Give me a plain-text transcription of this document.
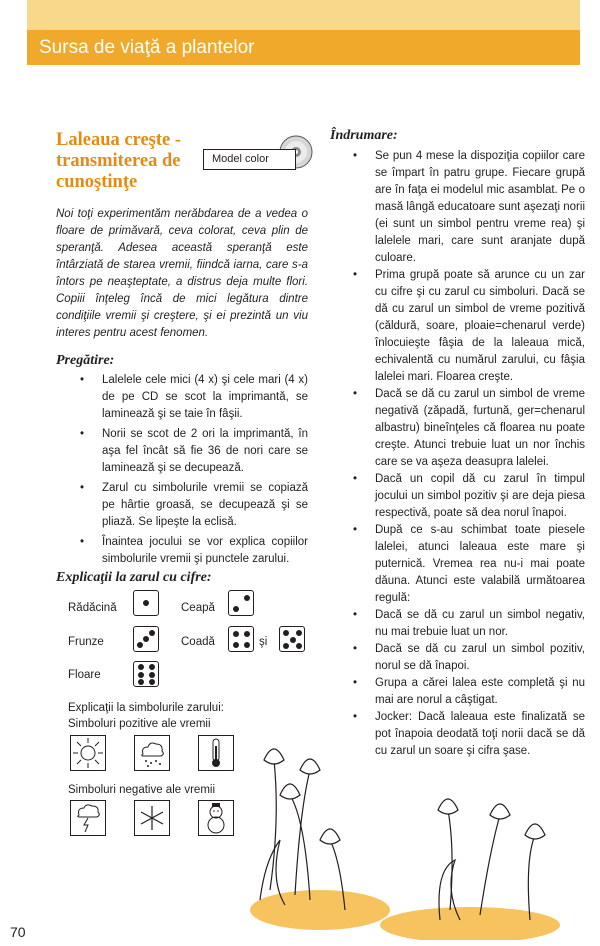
Sursa de viaţă a plantelor
Laleaua creşte - transmiterea de cunoştinţe
Model color

Noi toţi experimentăm nerăbdarea de a vedea o floare de primăvară, ceva colorat, ceva plin de speranţă. Adesea această speranţă este întârziată de starea vremii, fiindcă iarna, care s-a întors pe neaşteptate, a distrus deja multe flori. Copiii înţeleg încă de mici legătura dintre condiţiile vremii şi creştere, şi ei prezintă un viu interes pentru acest fenomen.

Pregătire:
• Lalelele cele mici (4 x) şi cele mari (4 x) de pe CD se scot la imprimantă, se laminează şi se taie în fâşii.
• Norii se scot de 2 ori la imprimantă, în aşa fel încât să fie 36 de nori care se laminează şi se decupează.
• Zarul cu simbolurile vremii se copiază pe hârtie groasă, se decupează şi se pliază. Se lipeşte la eclisă.
• Înaintea jocului se vor explica copiilor simbolurile vremii şi punctele zarului.
Explicaţii la zarul cu cifre:
Rădăcină	Ceapă
Frunze	Coadă	şi
Floare
Explicaţii la simbolurile zarului:
Simboluri pozitive ale vremii
Simboluri negative ale vremii
Îndrumare:
• Se pun 4 mese la dispoziţia copiilor care se împart în patru grupe. Fiecare grupă are în faţa ei modelul mic asamblat. Pe o masă lângă educatoare sunt aşezaţi norii (ei sunt un simbol pentru vreme rea) şi lalelele mari, care sunt aranjate după culoare.
• Prima grupă poate să arunce cu un zar cu cifre şi cu zarul cu simboluri. Dacă se dă cu zarul un simbol de vreme pozitivă (căldură, soare, ploaie=chenarul verde) înlocuieşte fâşia de la laleaua mică, echivalentă cu numărul zarului, cu fâşia lalelei mari. Floarea creşte.
• Dacă se dă cu zarul un simbol de vreme negativă (zăpadă, furtună, ger=chenarul albastru) bineînţeles că floarea nu poate creşte. Atunci trebuie luat un nor închis care se va aşeza deasupra lalelei.
• Dacă un copil dă cu zarul în timpul jocului un simbol pozitiv şi are deja piesa respectivă, poate să dea norul înapoi.
• După ce s-au schimbat toate piesele lalelei, atunci laleaua este mare şi puternică. Vremea rea nu-i mai poate dăuna. Atunci este valabilă următoarea regulă:
• Dacă se dă cu zarul un simbol negativ, nu mai trebuie luat un nor.
• Dacă se dă cu zarul un simbol pozitiv, norul se dă înapoi.
• Grupa a cărei lalea este completă şi nu mai are norul a câştigat.
• Jocker: Dacă laleaua este finalizată se pot înapoia deodată toţi norii dacă se dă cu zarul un soare şi cifra şase.
70
